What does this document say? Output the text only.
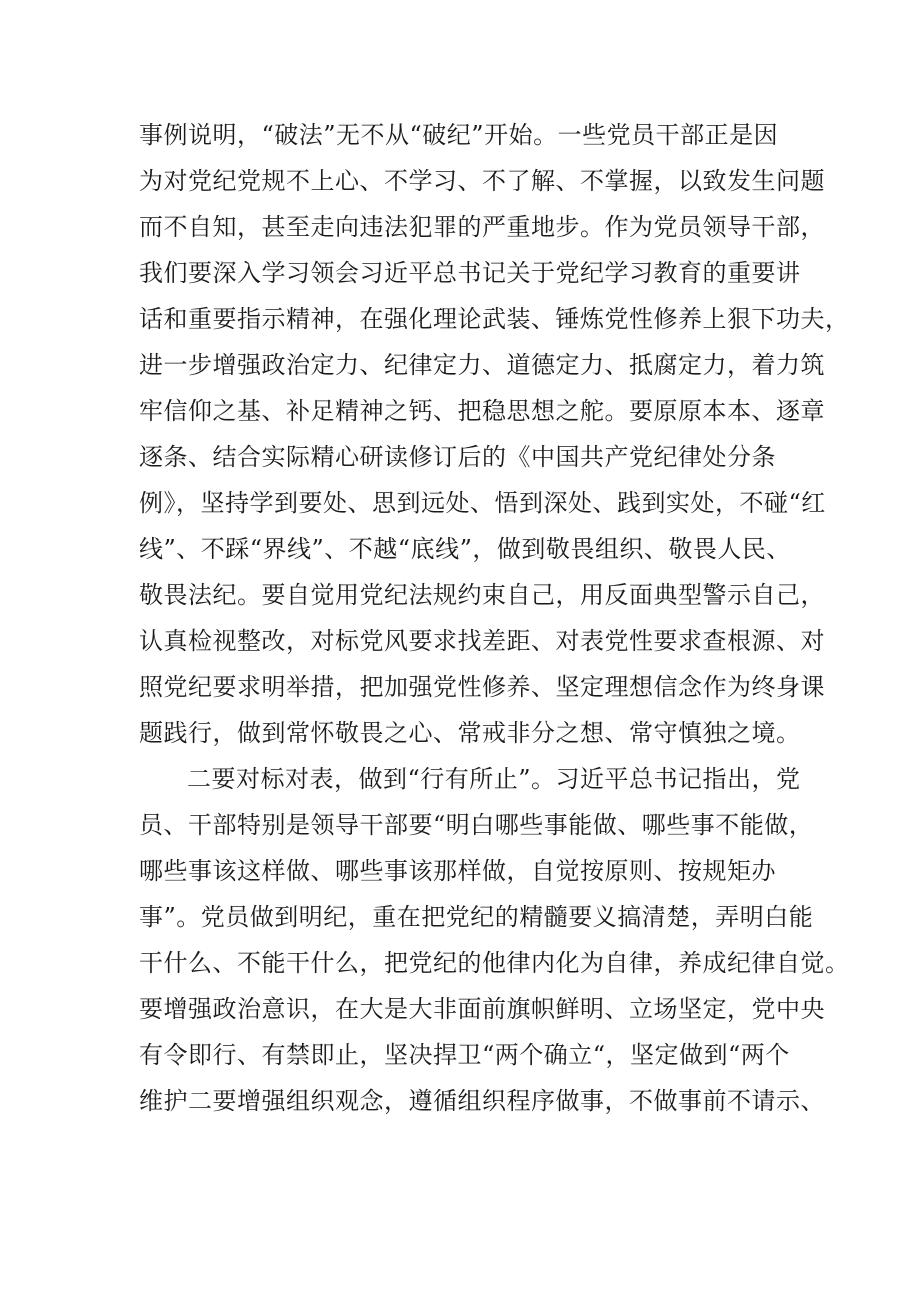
事例说明，“破法”无不从“破纪”开始。一些党员干部正是因
为对党纪党规不上心、不学习、不了解、不掌握，以致发生问题
而不自知，甚至走向违法犯罪的严重地步。作为党员领导干部，
我们要深入学习领会习近平总书记关于党纪学习教育的重要讲
话和重要指示精神，在强化理论武装、锤炼党性修养上狠下功夫，
进一步增强政治定力、纪律定力、道德定力、抵腐定力，着力筑
牢信仰之基、补足精神之钙、把稳思想之舵。要原原本本、逐章
逐条、结合实际精心研读修订后的《中国共产党纪律处分条
例》，坚持学到要处、思到远处、悟到深处、践到实处，不碰“红
线”、不踩“界线”、不越“底线”，做到敬畏组织、敬畏人民、
敬畏法纪。要自觉用党纪法规约束自己，用反面典型警示自己，
认真检视整改，对标党风要求找差距、对表党性要求查根源、对
照党纪要求明举措，把加强党性修养、坚定理想信念作为终身课
题践行，做到常怀敬畏之心、常戒非分之想、常守慎独之境。
二要对标对表，做到“行有所止”。习近平总书记指出，党
员、干部特别是领导干部要“明白哪些事能做、哪些事不能做，
哪些事该这样做、哪些事该那样做，自觉按原则、按规矩办
事”。党员做到明纪，重在把党纪的精髓要义搞清楚，弄明白能
干什么、不能干什么，把党纪的他律内化为自律，养成纪律自觉。
要增强政治意识，在大是大非面前旗帜鲜明、立场坚定，党中央
有令即行、有禁即止，坚决捍卫“两个确立“，坚定做到“两个
维护二要增强组织观念，遵循组织程序做事，不做事前不请示、
